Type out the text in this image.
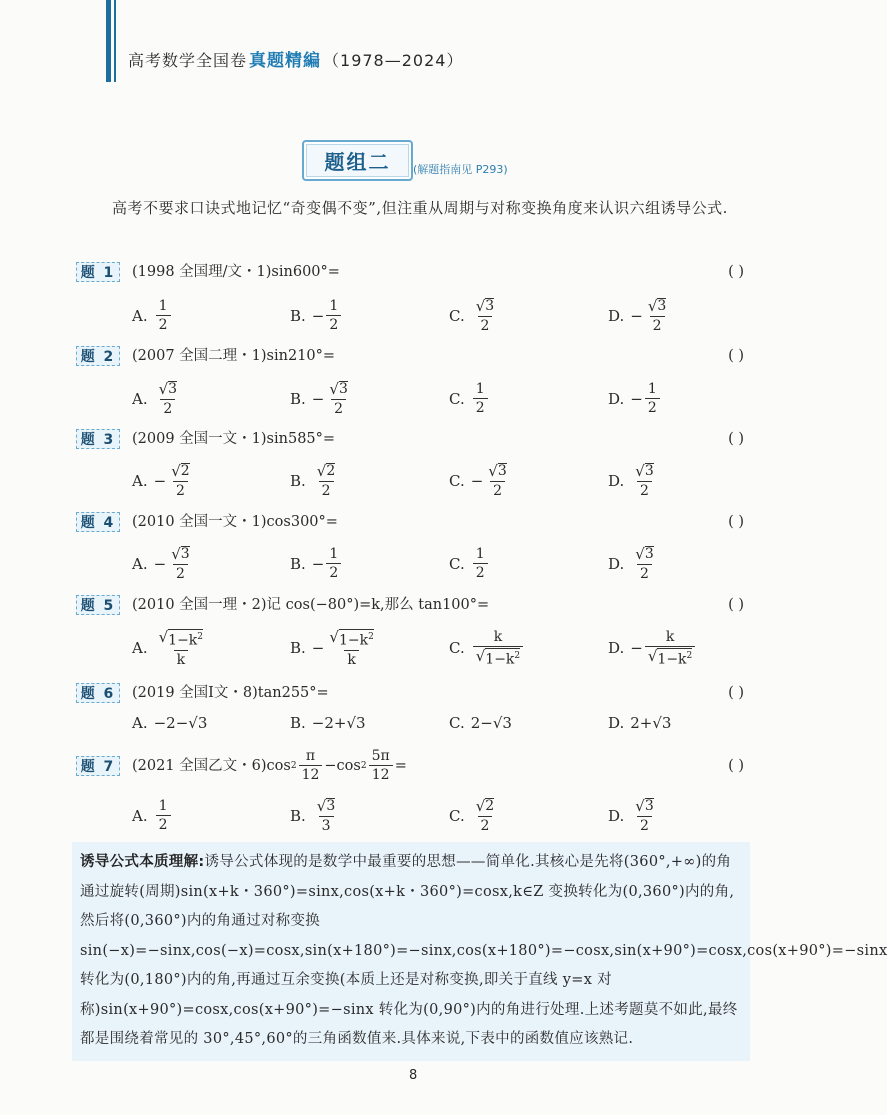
高考数学全国卷 真题精編 （1978—2024）
题组二	(解题指南见 P293)
高考不要求口诀式地记忆“奇变偶不变”,但注重从周期与对称变换角度来认识六组诱导公式.
题 1	(1998 全国理/文・1)sin600°=	( )
A. $\frac{1}{2}$	B. − $\frac{1}{2}$	C. $\frac{√ 3}{2}$	D. − $\frac{√ 3}{2}$
题 2	(2007 全国二理・1)sin210°=	( )
A. $\frac{√ 3}{2}$	B. − $\frac{√ 3}{2}$	C. $\frac{1}{2}$	D. − $\frac{1}{2}$
题 3	(2009 全国一文・1)sin585°=	( )
A. − $\frac{√ 2}{2}$	B. $\frac{√ 2}{2}$	C. − $\frac{√ 3}{2}$	D. $\frac{√ 3}{2}$
题 4	(2010 全国一文・1)cos300°=	( )
A. − $\frac{√ 3}{2}$	B. − $\frac{1}{2}$	C. $\frac{1}{2}$	D. $\frac{√ 3}{2}$
题 5	(2010 全国一理・2)记 cos(−80°)=k,那么 tan100°=	( )
A. $\frac{√ 1-k^2}{k}$	B. − $\frac{√ 1-k^2}{k}$	C. $\frac{k}{√ 1-k^2}$	D. − $\frac{k}{√ 1-k^2}$
题 6	(2019 全国Ⅰ文・8)tan255°=	( )
A. −2−√3	B. −2+√3	C. 2−√3	D. 2+√3
题 7	(2021 全国乙文・6)cos $2 \frac{\pi}{12} -\cos$ $2 \frac{5\pi}{12}$ =	( )
A. $\frac{1}{2}$	B. $\frac{√ 3}{3}$	C. $\frac{√ 2}{2}$	D. $\frac{√ 3}{2}$
诱导公式本质理解:诱导公式体现的是数学中最重要的思想——简单化.其核心是先将(360°,+∞)的角通过旋转(周期)sin(x+k・360°)=sinx,cos(x+k・360°)=cosx,k∈Z 变换转化为(0,360°)内的角,然后将(0,360°)内的角通过对称变换 sin(−x)=−sinx,cos(−x)=cosx,sin(x+180°)=−sinx,cos(x+180°)=−cosx,sin(x+90°)=cosx,cos(x+90°)=−sinx 转化为(0,180°)内的角,再通过互余变换(本质上还是对称变换,即关于直线 y=x 对称)sin(x+90°)=cosx,cos(x+90°)=−sinx 转化为(0,90°)内的角进行处理.上述考题莫不如此,最终都是围绕着常见的 30°,45°,60°的三角函数值来.具体来说,下表中的函数值应该熟记.
8
